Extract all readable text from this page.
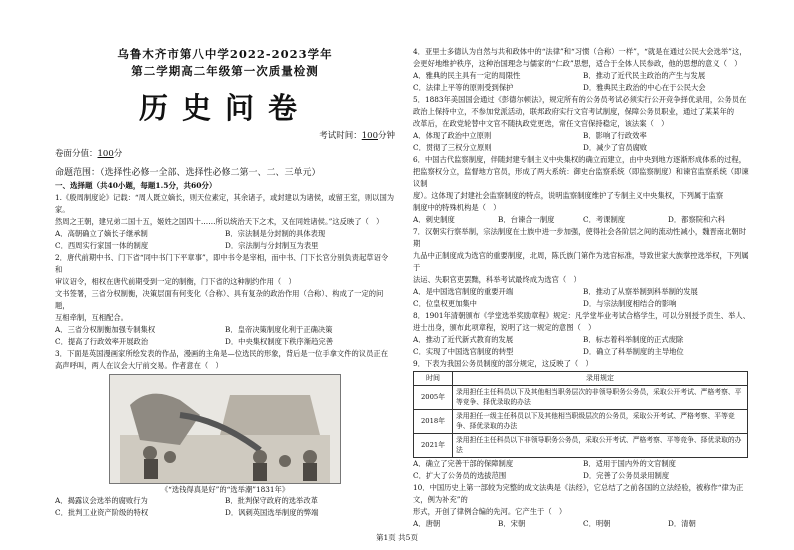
乌鲁木齐市第八中学2022-2023学年
第二学期高二年级第一次质量检测
历史问卷
考试时间：100分钟
卷面分值：100分
命题范围：（选择性必修一全部、选择性必修二第一、二、三单元）
一、选择题（共40小题，每题1.5分，共60分）

1.《殷周制度论》记载：“周人既立嫡长，则天位素定，其余诸子，或封建以为诸侯，或留王室，则以国为家。

然周之王朝，建兄弟二国十五，姬姓之国四十……所以统治天下之术，又在同姓诸侯。”这反映了（　）

A．高朝确立了嫡长子继承制	B．宗法制是分封制的具体表现
C．西周实行家国一体的制度	D．宗法制与分封制互为表里

2．唐代前期中书、门下省“同中书门下平章事”，即中书令是宰相，而中书、门下长官分别负责起草诏令和

审议诏令，相权在唐代前期受到一定的制衡，门下省的这种制约作用（　）

文书签署，三省分权制衡，决策层面有何变化（合称）、具有复杂的政治作用（合称）、构成了一定的问题，

互相牵制，互相配合。

A．三省分权制衡加强专制集权	B．皇帝决策制度化利于正确决策
C．提高了行政效率开展政治	D．中央集权制度下秩序渐趋完善

3．下面是英国漫画家所绘发表的作品，漫画的主角是—位选民的形象，背后是一位手拿文件的议员正在

高声呼叫，两人在议会大厅前交易。作者意在（　）

《“选钱得真是好”的“选举潮”1831年》
A．揭露议会选举的腐败行为	B．批判保守政府的选举改革
C．批判工业资产阶级的特权	D．讽刺英国选举制度的弊端

4．亚里士多德认为自然与共和政体中的“法律”和“习惯（合称）一样”，“就是在通过公民大会选举”这，

会更好地维护秩序，这种治国理念与儒家的“仁政”思想，适合于全体人民参政，他的思想的意义（　）

A．雅典的民主具有一定的局限性	B．推动了近代民主政治的产生与发展
C．法律上平等的原则受到保护	D．雅典民主政治的中心在于公民大会

5．1883年美国国会通过《彭德尔顿法》，规定所有的公务员考试必须实行公开竞争择优录用，公务员在

政治上保持中立，不参加党派活动，联邦政府实行文官考试制度，保障公务员职业，通过了某某年的

改革后，在政党轮替中文官不随执政党更迭，常任文官保持稳定，该法案（　）

A．体现了政治中立原则	B．影响了行政效率
C．贯彻了三权分立原则	D．减少了官员腐败

6．中国古代监察制度，伴随封建专制主义中央集权的确立而建立，由中央到地方逐渐形成体系的过程，

把监察权分立，监督地方官员，形成了两大系统：御史台监察系统（即监察制度）和谏官监察系统（即谏议制

度）。这体现了封建社会监察制度的特点，说明监察制度维护了专制主义中央集权，下列属于监察

制度中的特殊机构是（　）

A．刺史制度	B．台谏合一制度	C．考课制度	D．都察院和六科

7．汉朝实行察举制，宗法制度在士族中进一步加强，使得社会各阶层之间的流动性减小，魏晋南北朝时期

九品中正制度成为选官的重要制度，北周，陈氏族门第作为选官标准，导致世家大族掌控选举权，下列属于

法运、失职官吏罢黜，科举考试最终成为选官（　）

A．是中国选官制度的重要开端	B．推动了从察举制到科举制的发展
C．位皇权更加集中	D．与宗法制度相结合的影响

8．1901年清朝颁布《学堂选举奖励章程》规定：凡学堂毕业考试合格学生，可以分别授予贡生、举人、

进士出身，颁布此项章程，说明了这一规定的意图（　）

A．推动了近代新式教育的发展	B．标志着科举制度的正式废除
C．实现了中国选官制度的转型	D．确立了科举制度的主导地位

9．下表为我国公务员制度的部分规定，这反映了（　）

时间	录用规定
2005年	录用担任主任科员以下及其他相当职务层次的非领导职务公务员，采取公开考试、严格考察、平等竞争、择优录取的办法
2018年	录用担任一级主任科员以下及其他相当职级层次的公务员，采取公开考试、严格考察、平等竞争、择优录取的办法
2021年	录用担任主任科员以下非领导职务公务员，采取公开考试、严格考察、平等竞争、择优录取的办法
A．确立了完善干部的保障制度	B．适用于国内外的文官制度
C．扩大了公务员的选拔范围	D．完善了公务员录用制度

10．中国历史上第一部较为完整的成文法典是《法经》，它总结了之前各国的立法经验，被称作“律为正文，例为补充”的

形式，开创了律例合编的先河。它产生于（　）

A．唐朝	B．宋朝	C．明朝	D．清朝
第1页 共5页
